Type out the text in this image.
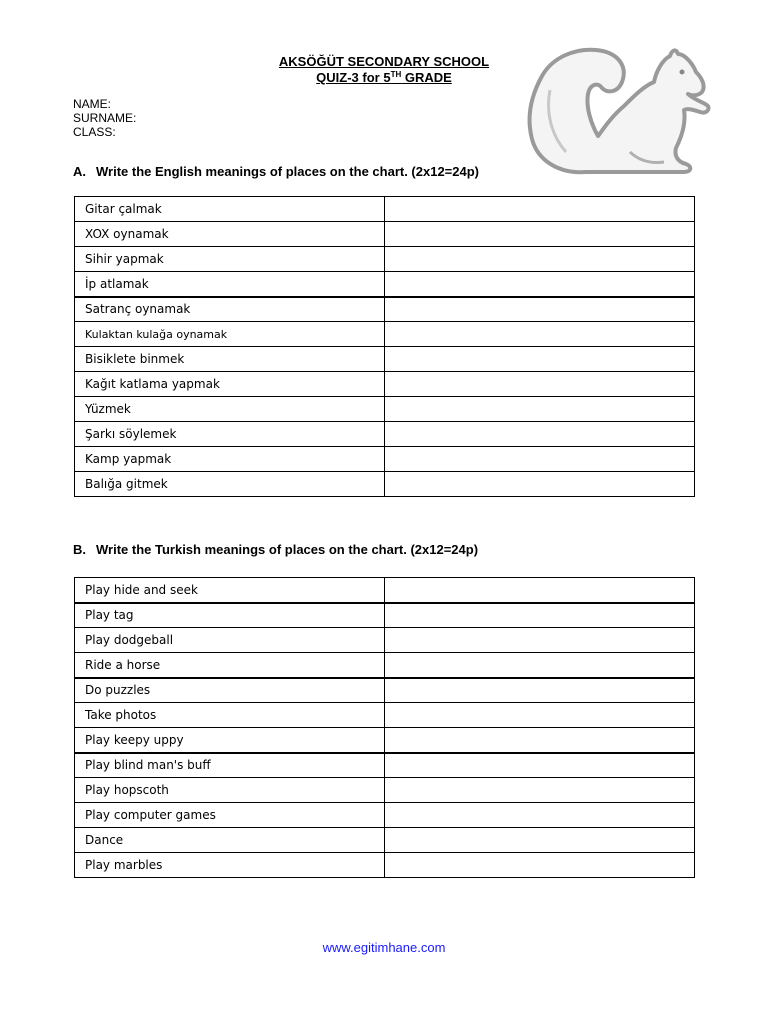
AKSÖĞÜT SECONDARY SCHOOL
QUIZ-3 for 5TH GRADE
NAME:
SURNAME:
CLASS:
A. Write the English meanings of places on the chart. (2x12=24p)
Gitar çalmak	
XOX oynamak	
Sihir yapmak	
İp atlamak	
Satranç oynamak	
Kulaktan kulağa oynamak	
Bisiklete binmek	
Kağıt katlama yapmak	
Yüzmek	
Şarkı söylemek	
Kamp yapmak	
Balığa gitmek	
B. Write the Turkish meanings of places on the chart. (2x12=24p)
Play hide and seek	
Play tag	
Play dodgeball	
Ride a horse	
Do puzzles	
Take photos	
Play keepy uppy	
Play blind man's buff	
Play hopscoth	
Play computer games	
Dance	
Play marbles	
www.egitimhane.com
